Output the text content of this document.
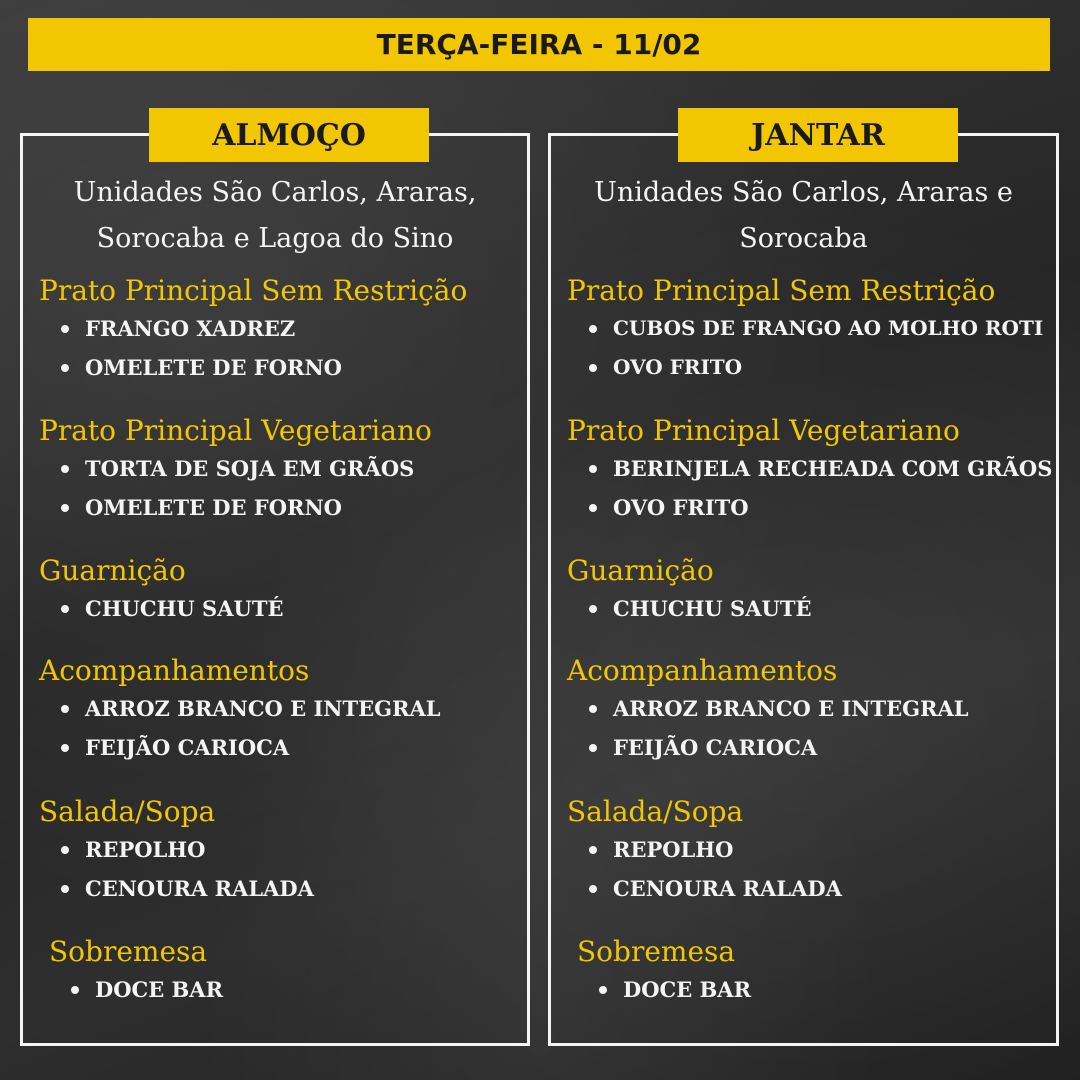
TERÇA-FEIRA - 11/02
ALMOÇO
Unidades São Carlos, Araras, Sorocaba e Lagoa do Sino
Prato Principal Sem Restrição
FRANGO XADREZ
OMELETE DE FORNO
Prato Principal Vegetariano
TORTA DE SOJA EM GRÃOS
OMELETE DE FORNO
Guarnição
CHUCHU SAUTÉ
Acompanhamentos
ARROZ BRANCO E INTEGRAL
FEIJÃO CARIOCA
Salada/Sopa
REPOLHO
CENOURA RALADA
Sobremesa
DOCE BAR
JANTAR
Unidades São Carlos, Araras e Sorocaba
Prato Principal Sem Restrição
CUBOS DE FRANGO AO MOLHO ROTI
OVO FRITO
Prato Principal Vegetariano
BERINJELA RECHEADA COM GRÃOS
OVO FRITO
Guarnição
CHUCHU SAUTÉ
Acompanhamentos
ARROZ BRANCO E INTEGRAL
FEIJÃO CARIOCA
Salada/Sopa
REPOLHO
CENOURA RALADA
Sobremesa
DOCE BAR
